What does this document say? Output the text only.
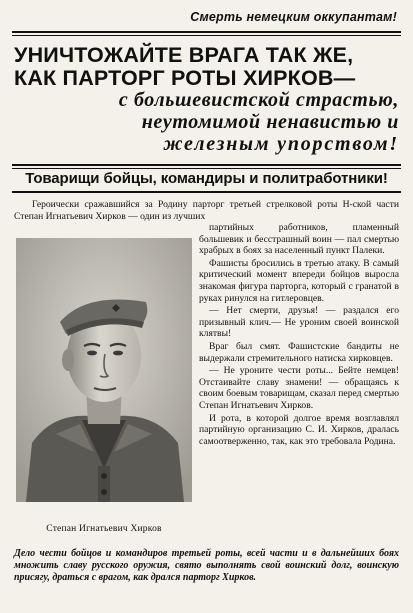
Смерть немецким оккупантам!
УНИЧТОЖАЙТЕ ВРАГА ТАК ЖЕ,
КАК ПАРТОРГ РОТЫ ХИРКОВ—
с большевистской страстью,
неутомимой ненавистью и
железным упорством!
Товарищи бойцы, командиры и политработники!

Героически сражавшийся за Родину парторг третьей стрелковой роты Н-ской части Степан Игнатьевич Хирков — один из лучших

Степан Игнатьевич Хирков

партийных работников, пламенный большевик и бесстрашный воин — пал смертью храбрых в боях за населенный пункт Палеки.

Фашисты бросились в третью атаку. В самый критический момент впереди бойцов выросла знакомая фигура парторга, который с гранатой в руках ринулся на гитлеровцев.

— Нет смерти, друзья! — раздался его призывный клич.— Не уроним своей воинской клятвы!

Враг был смят. Фашистские бандиты не выдержали стремительного натиска хирковцев.

— Не уроните чести роты... Бейте немцев! Отстаивайте славу знамени! — обращаясь к своим боевым товарищам, сказал перед смертью Степан Игнатьевич Хирков.

И рота, в которой долгое время возглавлял партийную организацию С. И. Хирков, дралась самоотверженно, так, как это требовала Родина.

Дело чести бойцов и командиров третьей роты, всей части и в дальнейших боях множить славу русского оружия, свято выполнять свой воинский долг, воинскую присягу, драться с врагом, как дрался парторг Хирков.
